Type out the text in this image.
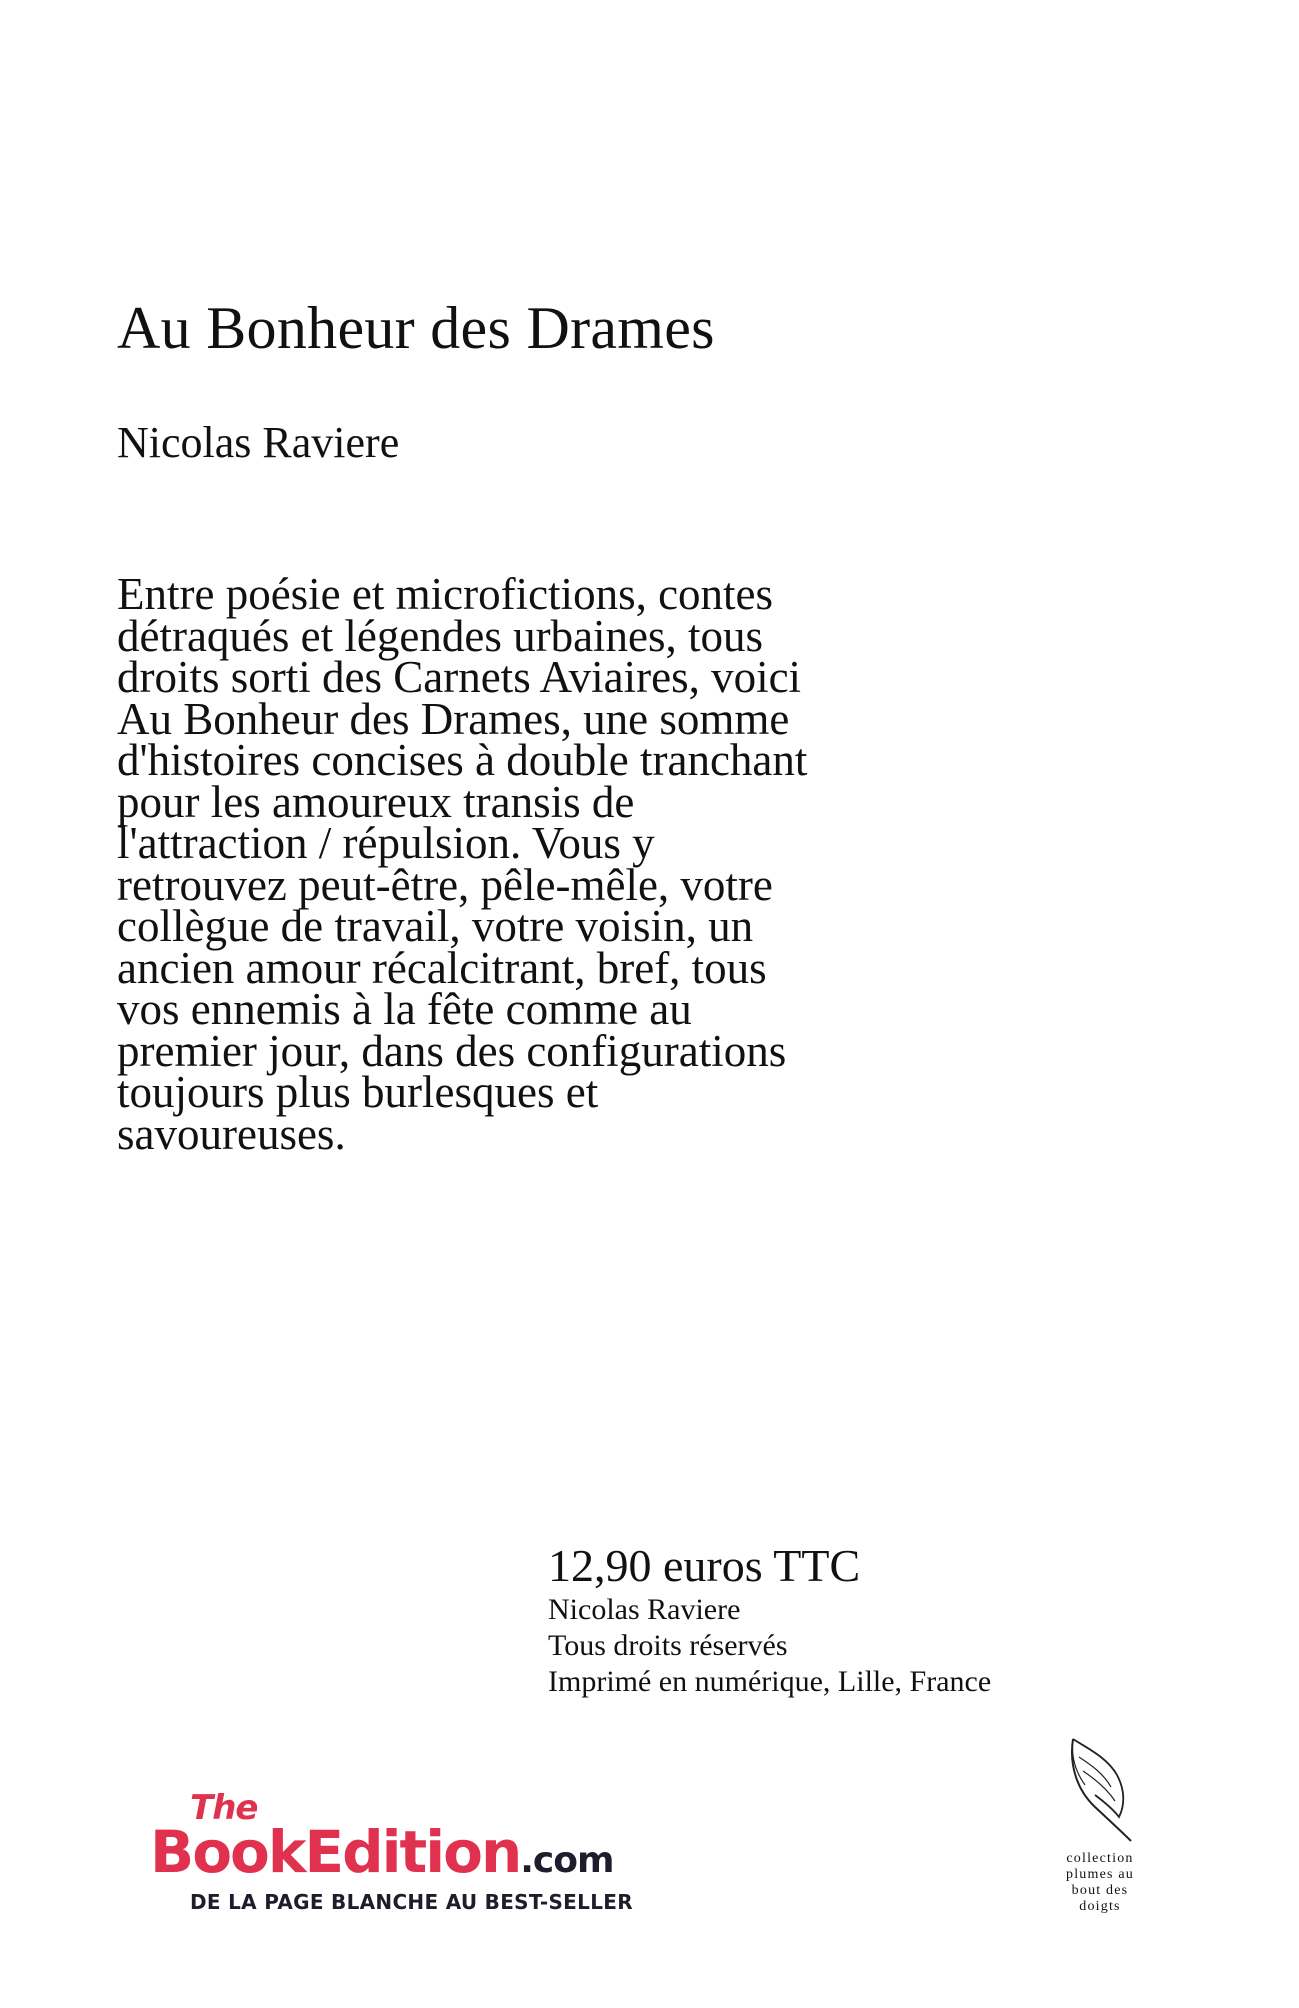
Au Bonheur des Drames
Nicolas Raviere

Entre poésie et microfictions, contes
détraqués et légendes urbaines, tous
droits sorti des Carnets Aviaires, voici
Au Bonheur des Drames, une somme
d'histoires concises à double tranchant
pour les amoureux transis de
l'attraction / répulsion. Vous y
retrouvez peut-être, pêle-mêle, votre
collègue de travail, votre voisin, un
ancien amour récalcitrant, bref, tous
vos ennemis à la fête comme au
premier jour, dans des configurations
toujours plus burlesques et
savoureuses.

12,90 euros TTC
Nicolas Raviere
Tous droits réservés
Imprimé en numérique, Lille, France
The
BookEdition.com
DE LA PAGE BLANCHE AU BEST-SELLER
collection
plumes au
bout des
doigts
